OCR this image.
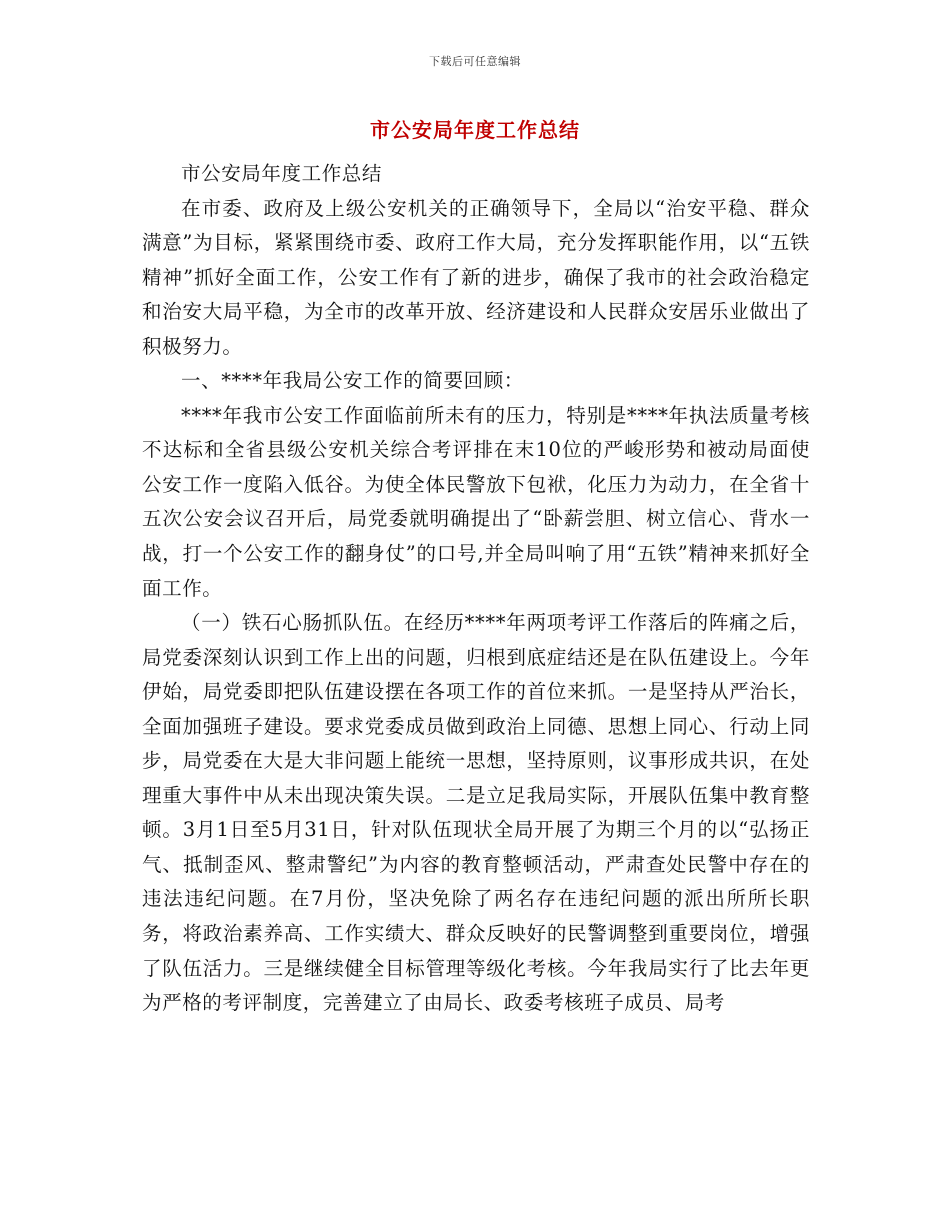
下载后可任意编辑
市公安局年度工作总结

市公安局年度工作总结

在市委、政府及上级公安机关的正确领导下，全局以“治安平稳、群众满意”为目标，紧紧围绕市委、政府工作大局，充分发挥职能作用，以“五铁精神”抓好全面工作，公安工作有了新的进步，确保了我市的社会政治稳定和治安大局平稳，为全市的改革开放、经济建设和人民群众安居乐业做出了积极努力。

一、****年我局公安工作的简要回顾：

****年我市公安工作面临前所未有的压力，特别是****年执法质量考核不达标和全省县级公安机关综合考评排在末10位的严峻形势和被动局面使公安工作一度陷入低谷。为使全体民警放下包袱，化压力为动力，在全省十五次公安会议召开后，局党委就明确提出了“卧薪尝胆、树立信心、背水一战，打一个公安工作的翻身仗”的口号,并全局叫响了用“五铁”精神来抓好全面工作。

（一）铁石心肠抓队伍。在经历****年两项考评工作落后的阵痛之后，局党委深刻认识到工作上出的问题，归根到底症结还是在队伍建设上。今年伊始，局党委即把队伍建设摆在各项工作的首位来抓。一是坚持从严治长，全面加强班子建设。要求党委成员做到政治上同德、思想上同心、行动上同步，局党委在大是大非问题上能统一思想，坚持原则，议事形成共识，在处理重大事件中从未出现决策失误。二是立足我局实际，开展队伍集中教育整顿。3月1日至5月31日，针对队伍现状全局开展了为期三个月的以“弘扬正气、抵制歪风、整肃警纪”为内容的教育整顿活动，严肃查处民警中存在的违法违纪问题。在7月份，坚决免除了两名存在违纪问题的派出所所长职务，将政治素养高、工作实绩大、群众反映好的民警调整到重要岗位，增强了队伍活力。三是继续健全目标管理等级化考核。今年我局实行了比去年更为严格的考评制度，完善建立了由局长、政委考核班子成员、局考
